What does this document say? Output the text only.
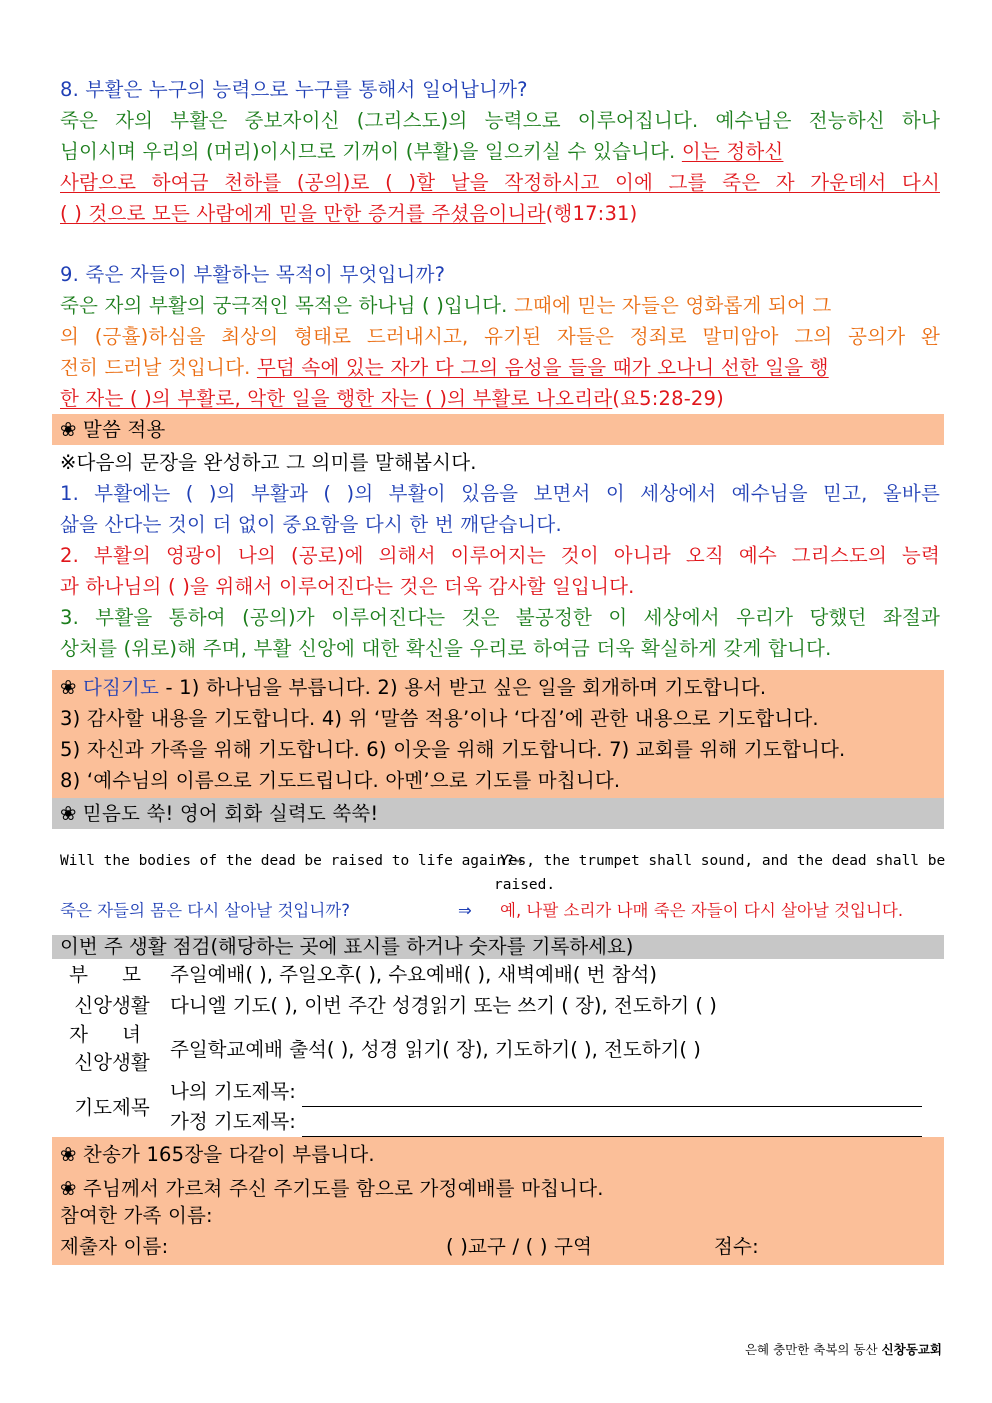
8. 부활은 누구의 능력으로 누구를 통해서 일어납니까?
죽은 자의 부활은 중보자이신 (그리스도)의 능력으로 이루어집니다. 예수님은 전능하신 하나
님이시며 우리의 (머리)이시므로 기꺼이 (부활)을 일으키실 수 있습니다. 이는 정하신
사람으로 하여금 천하를 (공의)로 ( )할 날을 작정하시고 이에 그를 죽은 자 가운데서 다시
( ) 것으로 모든 사람에게 믿을 만한 증거를 주셨음이니라(행17:31)
9. 죽은 자들이 부활하는 목적이 무엇입니까?
죽은 자의 부활의 궁극적인 목적은 하나님 ( )입니다. 그때에 믿는 자들은 영화롭게 되어 그
의 (긍휼)하심을 최상의 형태로 드러내시고, 유기된 자들은 정죄로 말미암아 그의 공의가 완
전히 드러날 것입니다. 무덤 속에 있는 자가 다 그의 음성을 들을 때가 오나니 선한 일을 행
한 자는 ( )의 부활로, 악한 일을 행한 자는 ( )의 부활로 나오리라(요5:28-29)
❀ 말씀 적용
※다음의 문장을 완성하고 그 의미를 말해봅시다.
1. 부활에는 ( )의 부활과 ( )의 부활이 있음을 보면서 이 세상에서 예수님을 믿고, 올바른
삶을 산다는 것이 더 없이 중요함을 다시 한 번 깨닫습니다.
2. 부활의 영광이 나의 (공로)에 의해서 이루어지는 것이 아니라 오직 예수 그리스도의 능력
과 하나님의 ( )을 위해서 이루어진다는 것은 더욱 감사할 일입니다.
3. 부활을 통하여 (공의)가 이루어진다는 것은 불공정한 이 세상에서 우리가 당했던 좌절과
상처를 (위로)해 주며, 부활 신앙에 대한 확신을 우리로 하여금 더욱 확실하게 갖게 합니다.
❀ 다짐기도 - 1) 하나님을 부릅니다. 2) 용서 받고 싶은 일을 회개하며 기도합니다.
3) 감사할 내용을 기도합니다. 4) 위 ‘말씀 적용’이나 ‘다짐’에 관한 내용으로 기도합니다.
5) 자신과 가족을 위해 기도합니다. 6) 이웃을 위해 기도합니다. 7) 교회를 위해 기도합니다.
8) ‘예수님의 이름으로 기도드립니다. 아멘’으로 기도를 마칩니다.
❀ 믿음도 쑥! 영어 회화 실력도 쑥쑥!
Will the bodies of the dead be raised to life again?⇒
Yes, the trumpet shall sound, and the dead shall be
raised.
죽은 자들의 몸은 다시 살아날 것입니까?	⇒ 예, 나팔 소리가 나매 죽은 자들이 다시 살아날 것입니다.
이번 주 생활 점검(해당하는 곳에 표시를 하거나 숫자를 기록하세요)
부 모	주일예배( ), 주일오후( ), 수요예배( ), 새벽예배( 번 참석)
신앙생활	다니엘 기도( ), 이번 주간 성경읽기 또는 쓰기 ( 장), 전도하기 ( )

자 녀
신앙생활	주일학교예배 출석( ), 성경 읽기( 장), 기도하기( ), 전도하기( )
기도제목	나의 기도제목:
가정 기도제목:
❀ 찬송가 165장을 다같이 부릅니다.
❀ 주님께서 가르쳐 주신 주기도를 함으로 가정예배를 마칩니다.
참여한 가족 이름:
제출자 이름:	( )교구 / ( ) 구역	점수:
은혜 충만한 축복의 동산 신창동교회
